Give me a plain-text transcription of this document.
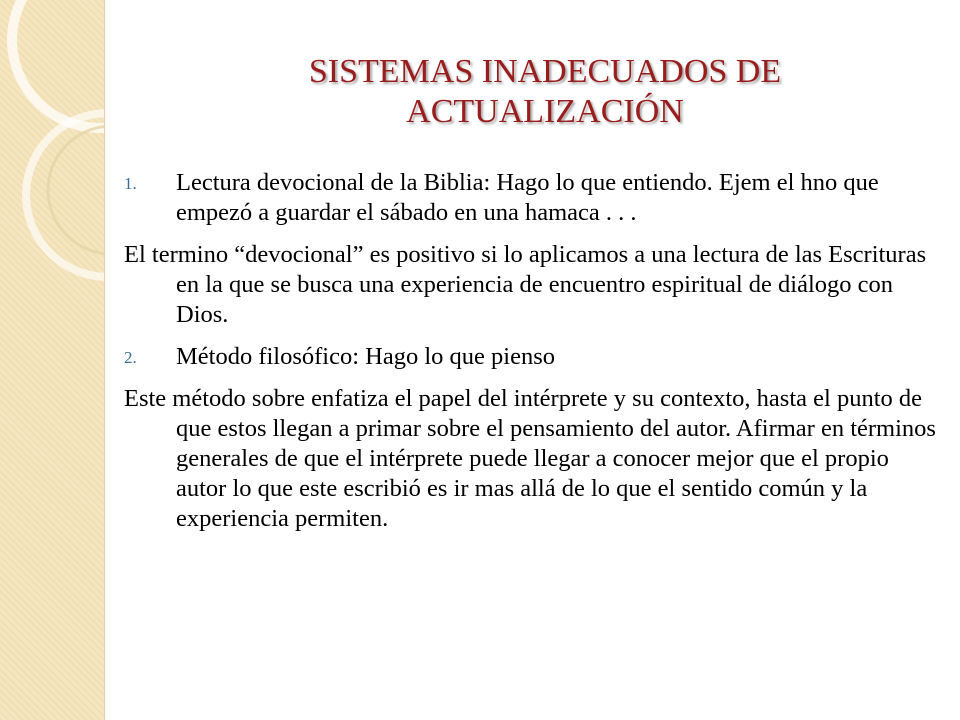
SISTEMAS INADECUADOS DE ACTUALIZACIÓN
1. Lectura devocional de la Biblia: Hago lo que entiendo. Ejem el hno que empezó a guardar el sábado en una hamaca . . .
El termino “devocional” es positivo si lo aplicamos a una lectura de las Escrituras en la que se busca una experiencia de encuentro espiritual de diálogo con Dios.
2. Método filosófico: Hago lo que pienso
Este método sobre enfatiza el papel del intérprete y su contexto, hasta el punto de que estos llegan a primar sobre el pensamiento del autor. Afirmar en términos generales de que el intérprete puede llegar a conocer mejor que el propio autor lo que este escribió es ir mas allá de lo que el sentido común y la experiencia permiten.
